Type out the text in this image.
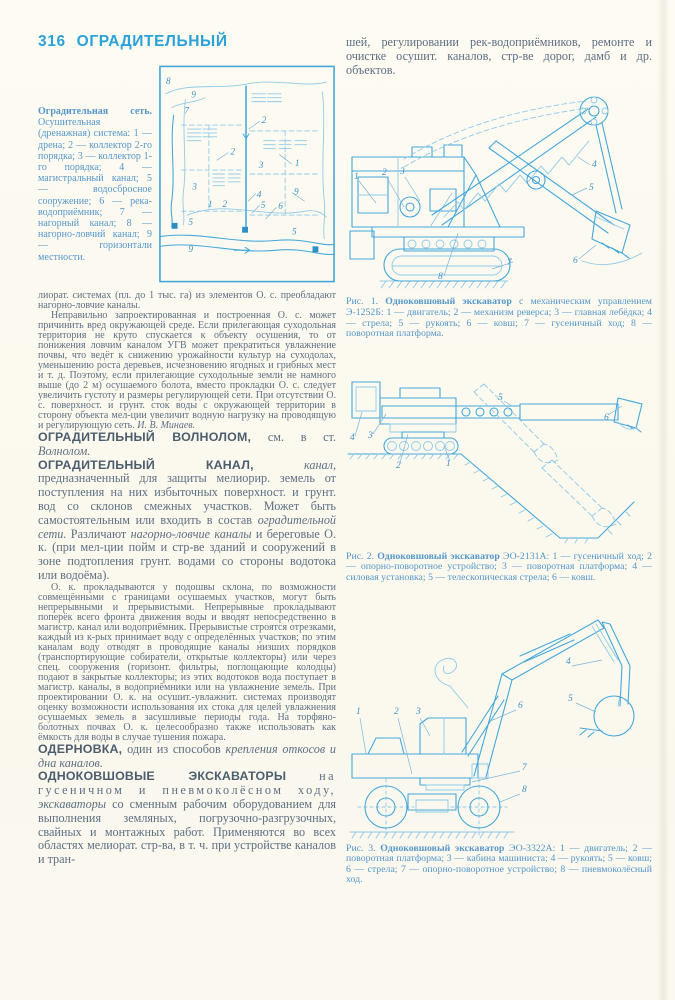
316 ОГРАДИТЕЛЬНЫЙ
Оградительная сеть. Осушительная (дренажная) система: 1 — дрена; 2 — коллектор 2-го порядка; 3 — коллектор 1-го порядка; 4 — магистральный канал; 5 — водосбросное сооружение; 6 — река-водоприёмник; 7 — нагорный канал; 8 — нагорно-ловчий канал; 9 — горизонтали местности.
8
9
7
2
2
1
3
3
1 2
4
5 6
9
5
5
9

лиорат. системах (пл. до 1 тыс. га) из элементов О. с. преобладают нагорно-ловчие каналы.

Неправильно запроектированная и построенная О. с. может причинить вред окружающей среде. Если прилегающая суходольная территория не круто спускается к объекту осушения, то от понижения ловчим каналом УГВ может прекратиться увлажнение почвы, что ведёт к снижению урожайности культур на суходолах, уменьшению роста деревьев, исчезновению ягодных и грибных мест и т. д. Поэтому, если прилегающие суходольные земли не намного выше (до 2 м) осушаемого болота, вместо прокладки О. с. следует увеличить густоту и размеры регулирующей сети. При отсутствии О. с. поверхност. и грунт. сток воды с окружающей территории в сторону объекта мел-ции увеличит водную нагрузку на проводящую и регулирующую сеть. И. В. Минаев.

ОГРАДИТЕЛЬНЫЙ ВОЛНОЛОМ, см. в ст. Волнолом.

ОГРАДИТЕЛЬНЫЙ КАНАЛ,	канал, предназначенный для защиты мелиорир. земель от поступления на них избыточных поверхност. и грунт. вод со склонов смежных участков. Может быть самостоятельным или входить в состав оградительной сети. Различают нагорно-ловчие каналы и береговые О. к. (при мел-ции пойм и стр-ве зданий и сооружений в зоне подтопления грунт. водами со стороны водотока или водоёма).

О. к. прокладываются у подошвы склона, по возможности совмещёнными с границами осушаемых участков, могут быть непрерывными и прерывистыми. Непрерывные прокладывают поперёк всего фронта движения воды и вводят непосредственно в магистр. канал или водоприёмник. Прерывистые строятся отрезками, каждый из к-рых принимает воду с определённых участков; по этим каналам воду отводят в проводящие каналы низших порядков (транспортирующие собиратели, открытые коллекторы) или через спец. сооружения (горизонт. фильтры, поглощающие колодцы) подают в закрытые коллекторы; из этих водотоков вода поступает в магистр. каналы, в водоприёмники или на увлажнение земель. При проектировании О. к. на осушит.-увлажнит. системах производят оценку возможности использования их стока для целей увлажнения осушаемых земель в засушливые периоды года. На торфяно-болотных почвах О. к. целесообразно также использовать как ёмкость для воды в случае тушения пожара.

ОДЕРНОВКА, один из способов крепления откосов и дна каналов.

ОДНОКОВШОВЫЕ ЭКСКАВАТОРЫ	на гусеничном и пневмоколёсном ходу, экскаваторы со сменным рабочим оборудованием для выполнения земляных, погрузочно-разгрузочных, свайных и монтажных работ. Применяются во всех областях мелиорат. стр-ва, в т. ч. при устройстве каналов и тран-

шей, регулировании рек-водоприёмников, ремонте и очистке осушит. каналов, стр-ве дорог, дамб и др. объектов.

1 2 3
4
5
6
7
8

Рис. 1. Одноковшовый экскаватор с механическим управлением Э-1252Б: 1 — двигатель; 2 — механизм реверса; 3 — главная лебёдка; 4 — стрела; 5 — рукоять; 6 — ковш; 7 — гусеничный ход; 8 — поворотная платформа.

4 3
2	1
5
6

Рис. 2. Одноковшовый экскаватор ЭО-2131А: 1 — гусеничный ход; 2 — опорно-поворотное устройство; 3 — поворотная платформа; 4 — силовая установка; 5 — телескопическая стрела; 6 — ковш.

1	2 3
6
4
5
7
8

Рис. 3. Одноковшовый экскаватор ЭО-3322А: 1 — двигатель; 2 — поворотная платформа; 3 — кабина машиниста; 4 — рукоять; 5 — ковш; 6 — стрела; 7 — опорно-поворотное устройство; 8 — пневмоколёсный ход.
